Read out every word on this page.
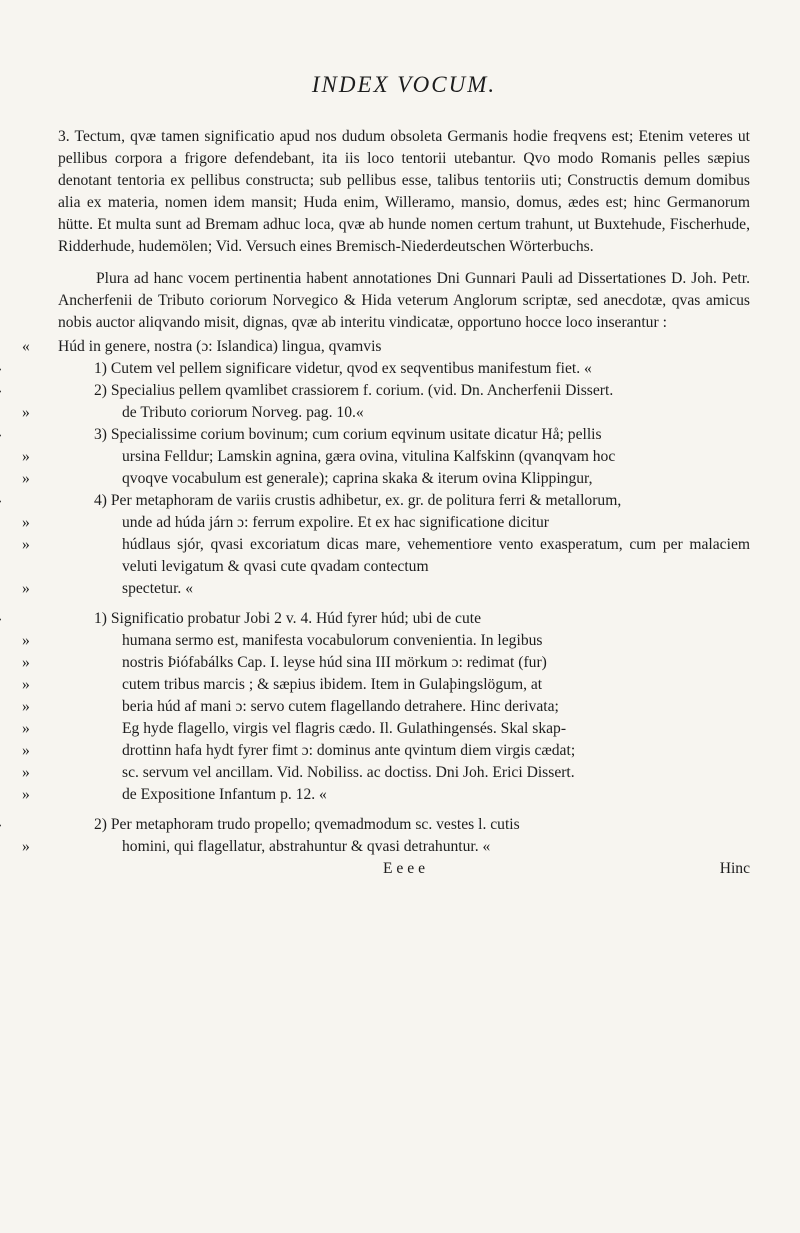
INDEX VOCUM.

3. Tectum, qvæ tamen significatio apud nos dudum obsoleta Germanis hodie freqvens est; Etenim veteres ut pellibus corpora a frigore defendebant, ita iis loco tentorii utebantur. Qvo modo Romanis pelles sæpius denotant tentoria ex pellibus constructa; sub pellibus esse, talibus tentoriis uti; Constructis demum domibus alia ex materia, nomen idem mansit; Huda enim, Willeramo, mansio, domus, ædes est; hinc Germanorum hütte. Et multa sunt ad Bremam adhuc loca, qvæ ab hunde nomen certum trahunt, ut Buxtehude, Fischerhude, Ridderhude, hudemölen; Vid. Versuch eines Bremisch-Niederdeutschen Wörterbuchs.

Plura ad hanc vocem pertinentia habent annotationes Dni Gunnari Pauli ad Dissertationes D. Joh. Petr. Ancherfenii de Tributo coriorum Norvegico & Hida veterum Anglorum scriptæ, sed anecdotæ, qvas amicus nobis auctor aliqvando misit, dignas, qvæ ab interitu vindicatæ, opportuno hocce loco inserantur :

« Húd in genere, nostra (ɔ: Islandica) lingua, qvamvis

1) Cutem vel pellem significare videtur, qvod ex seqventibus manifestum fiet. «

2) Specialius pellem qvamlibet crassiorem f. corium. (vid. Dn. Ancherfenii Dissert.

»	de Tributo coriorum Norveg. pag. 10.«

3) Specialissime corium bovinum; cum corium eqvinum usitate dicatur Hå; pellis

»	ursina Felldur; Lamskin agnina, gæra ovina, vitulina Kalfskinn (qvanqvam hoc

»	qvoqve vocabulum est generale); caprina skaka & iterum ovina Klippingur,

4) Per metaphoram de variis crustis adhibetur, ex. gr. de politura ferri & metallorum,

»	unde ad húda járn ɔ: ferrum expolire. Et ex hac significatione dicitur

»	húdlaus sjór, qvasi excoriatum dicas mare, vehementiore vento exasperatum, cum per malaciem veluti levigatum & qvasi cute qvadam contectum

»	spectetur. «

1) Significatio probatur Jobi 2 v. 4. Húd fyrer húd; ubi de cute

»	humana sermo est, manifesta vocabulorum convenientia. In legibus

»	nostris Þiófabálks Cap. I. leyse húd sina III mörkum ɔ: redimat (fur)

»	cutem tribus marcis ; & sæpius ibidem. Item in Gulaþingslögum, at

»	beria húd af mani ɔ: servo cutem flagellando detrahere. Hinc derivata;

»	Eg hyde flagello, virgis vel flagris cædo. Il. Gulathingensés. Skal skap-

»	drottinn hafa hydt fyrer fimt ɔ: dominus ante qvintum diem virgis cædat;

»	sc. servum vel ancillam. Vid. Nobiliss. ac doctiss. Dni Joh. Erici Dissert.

»	de Expositione Infantum p. 12. «

2) Per metaphoram trudo propello; qvemadmodum sc. vestes l. cutis

»	homini, qui flagellatur, abstrahuntur & qvasi detrahuntur. «

E e e e	Hinc
